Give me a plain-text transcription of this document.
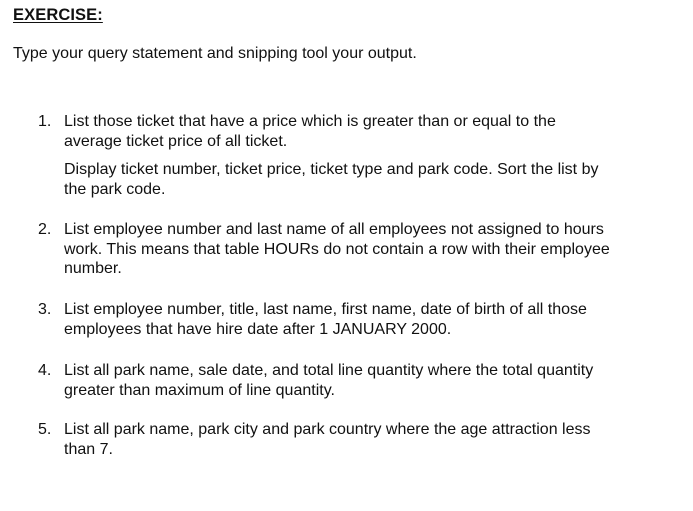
EXERCISE:

Type your query statement and snipping tool your output.

1. List those ticket that have a price which is greater than or equal to the
average ticket price of all ticket.

Display ticket number, ticket price, ticket type and park code. Sort the list by
the park code.

2. List employee number and last name of all employees not assigned to hours
work. This means that table HOURs do not contain a row with their employee
number.

3. List employee number, title, last name, first name, date of birth of all those
employees that have hire date after 1 JANUARY 2000.

4. List all park name, sale date, and total line quantity where the total quantity
greater than maximum of line quantity.

5. List all park name, park city and park country where the age attraction less
than 7.
